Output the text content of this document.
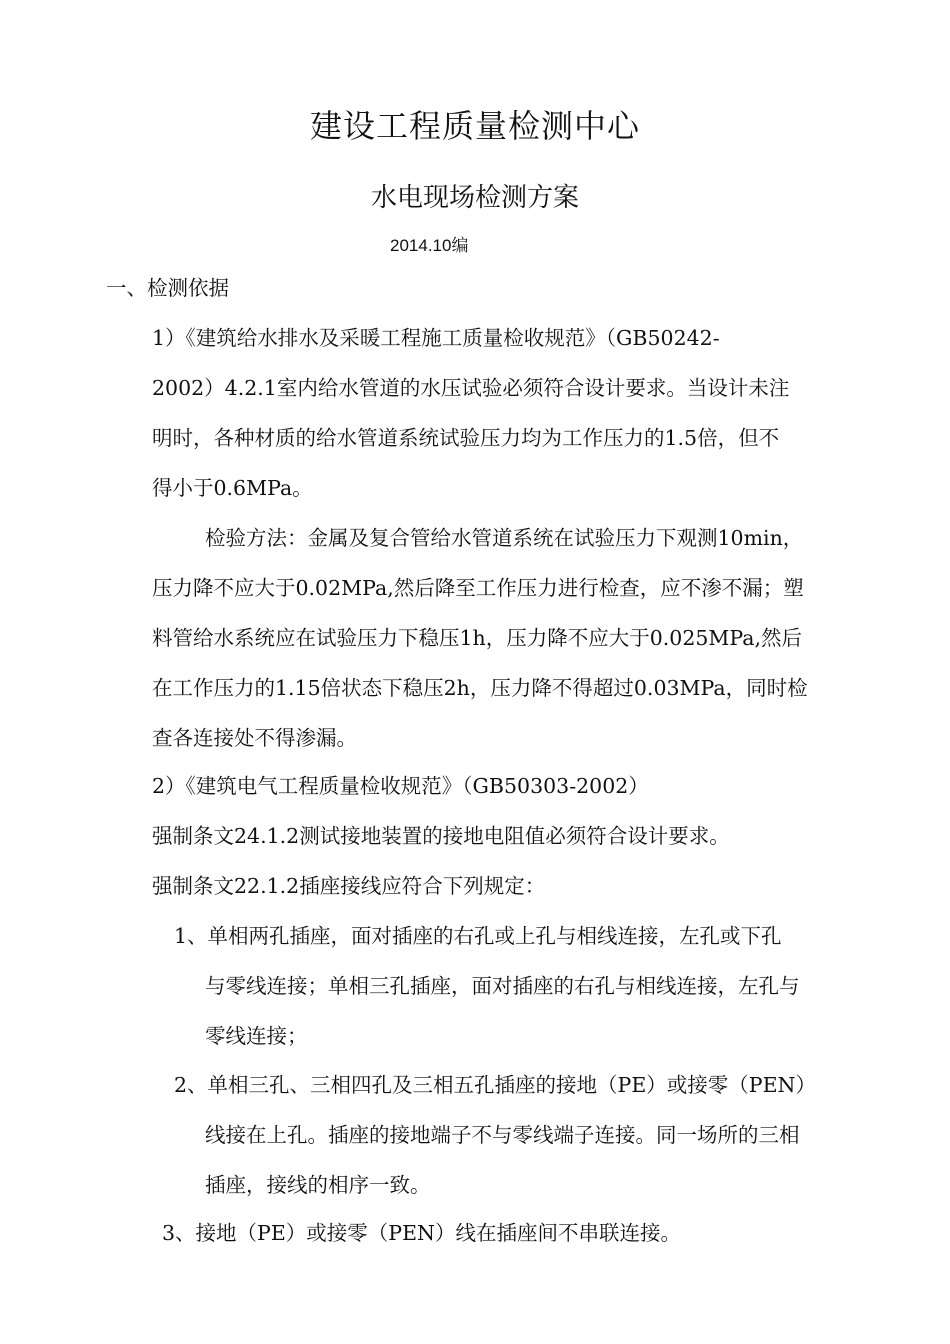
建设工程质量检测中心
水电现场检测方案
2014.10编
一、检测依据
1）《建筑给水排水及采暖工程施工质量检收规范》（GB50242-
2002）4.2.1室内给水管道的水压试验必须符合设计要求。当设计未注
明时，各种材质的给水管道系统试验压力均为工作压力的1.5倍，但不
得小于0.6MPa。
检验方法：金属及复合管给水管道系统在试验压力下观测10min，
压力降不应大于0.02MPa,然后降至工作压力进行检查，应不渗不漏；塑
料管给水系统应在试验压力下稳压1h，压力降不应大于0.025MPa,然后
在工作压力的1.15倍状态下稳压2h，压力降不得超过0.03MPa，同时检
查各连接处不得渗漏。
2）《建筑电气工程质量检收规范》（GB50303-2002）
强制条文24.1.2测试接地装置的接地电阻值必须符合设计要求。
强制条文22.1.2插座接线应符合下列规定：
1、单相两孔插座，面对插座的右孔或上孔与相线连接，左孔或下孔
与零线连接；单相三孔插座，面对插座的右孔与相线连接，左孔与
零线连接；
2、单相三孔、三相四孔及三相五孔插座的接地（PE）或接零（PEN）
线接在上孔。插座的接地端子不与零线端子连接。同一场所的三相
插座，接线的相序一致。
3、接地（PE）或接零（PEN）线在插座间不串联连接。
